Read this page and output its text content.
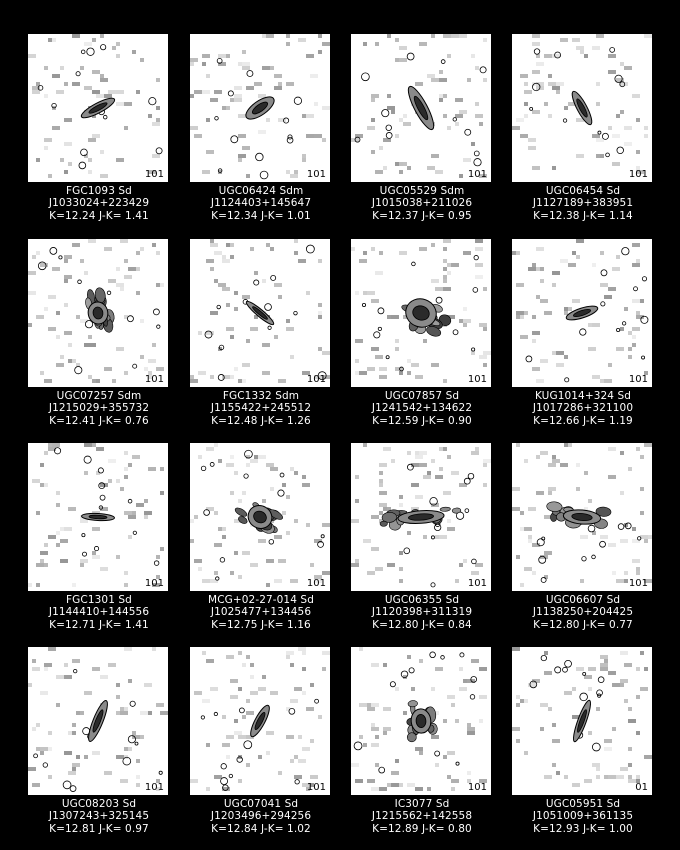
101
FGC1093 Sd
J1033024+223429
K=12.24 J-K= 1.41
101
UGC06424 Sdm
J1124403+145647
K=12.34 J-K= 1.01
101
UGC05529 Sdm
J1015038+211026
K=12.37 J-K= 0.95
101
UGC06454 Sd
J1127189+383951
K=12.38 J-K= 1.14
101
UGC07257 Sdm
J1215029+355732
K=12.41 J-K= 0.76
101
FGC1332 Sdm
J1155422+245512
K=12.48 J-K= 1.26
101
UGC07857 Sd
J1241542+134622
K=12.59 J-K= 0.90
101
KUG1014+324 Sd
J1017286+321100
K=12.66 J-K= 1.19
101
FGC1301 Sd
J1144410+144556
K=12.71 J-K= 1.41
101
MCG+02-27-014 Sd
J1025477+134456
K=12.75 J-K= 1.16
101
UGC06355 Sd
J1120398+311319
K=12.80 J-K= 0.84
101
UGC06607 Sd
J1138250+204425
K=12.80 J-K= 0.77
101
UGC08203 Sd
J1307243+325145
K=12.81 J-K= 0.97
101
UGC07041 Sd
J1203496+294256
K=12.84 J-K= 1.02
101
IC3077 Sd
J1215562+142558
K=12.89 J-K= 0.80
01
UGC05951 Sd
J1051009+361135
K=12.93 J-K= 1.00
